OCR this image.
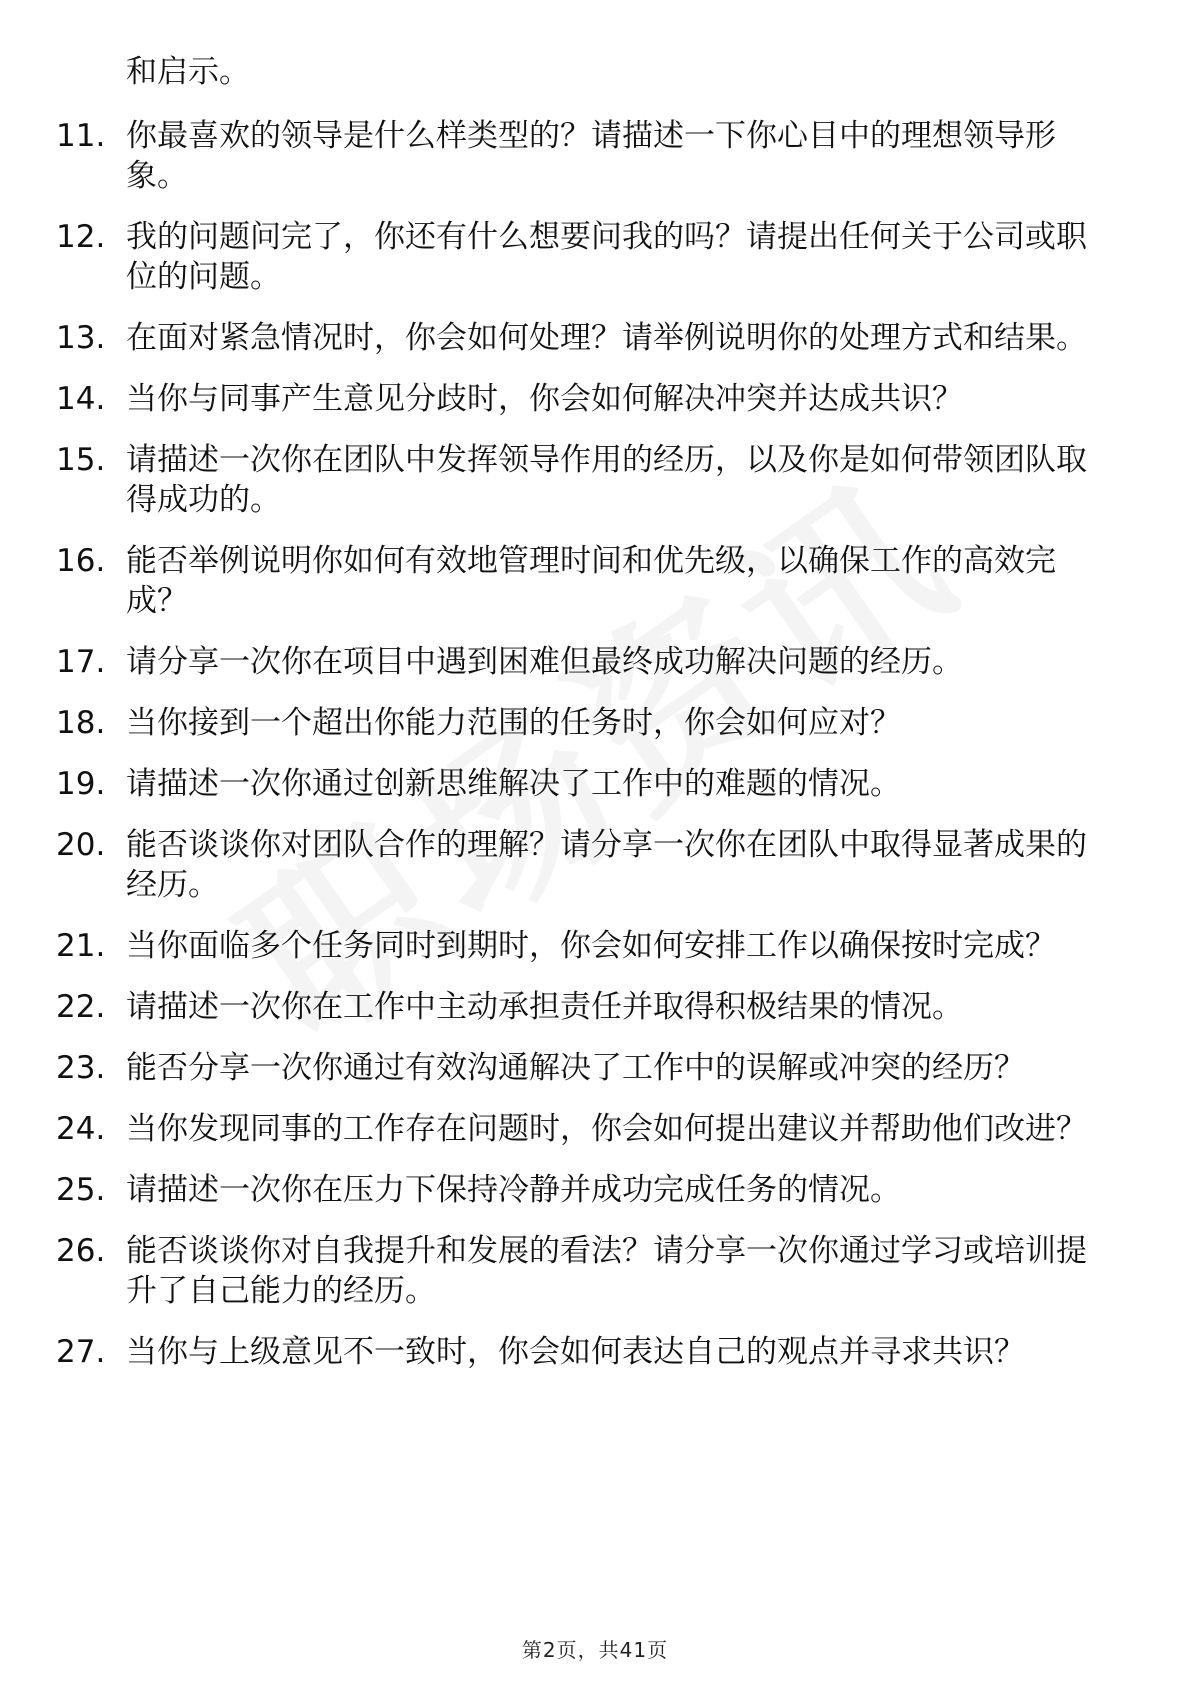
和启示。
11. 你最喜欢的领导是什么样类型的？请描述一下你心目中的理想领导形象。
12. 我的问题问完了，你还有什么想要问我的吗？请提出任何关于公司或职位的问题。
13. 在面对紧急情况时，你会如何处理？请举例说明你的处理方式和结果。
14. 当你与同事产生意见分歧时，你会如何解决冲突并达成共识？
15. 请描述一次你在团队中发挥领导作用的经历，以及你是如何带领团队取得成功的。
16. 能否举例说明你如何有效地管理时间和优先级，以确保工作的高效完成？
17. 请分享一次你在项目中遇到困难但最终成功解决问题的经历。
18. 当你接到一个超出你能力范围的任务时，你会如何应对？
19. 请描述一次你通过创新思维解决了工作中的难题的情况。
20. 能否谈谈你对团队合作的理解？请分享一次你在团队中取得显著成果的经历。
21. 当你面临多个任务同时到期时，你会如何安排工作以确保按时完成？
22. 请描述一次你在工作中主动承担责任并取得积极结果的情况。
23. 能否分享一次你通过有效沟通解决了工作中的误解或冲突的经历？
24. 当你发现同事的工作存在问题时，你会如何提出建议并帮助他们改进？
25. 请描述一次你在压力下保持冷静并成功完成任务的情况。
26. 能否谈谈你对自我提升和发展的看法？请分享一次你通过学习或培训提升了自己能力的经历。
27. 当你与上级意见不一致时，你会如何表达自己的观点并寻求共识？
第2页，共41页
